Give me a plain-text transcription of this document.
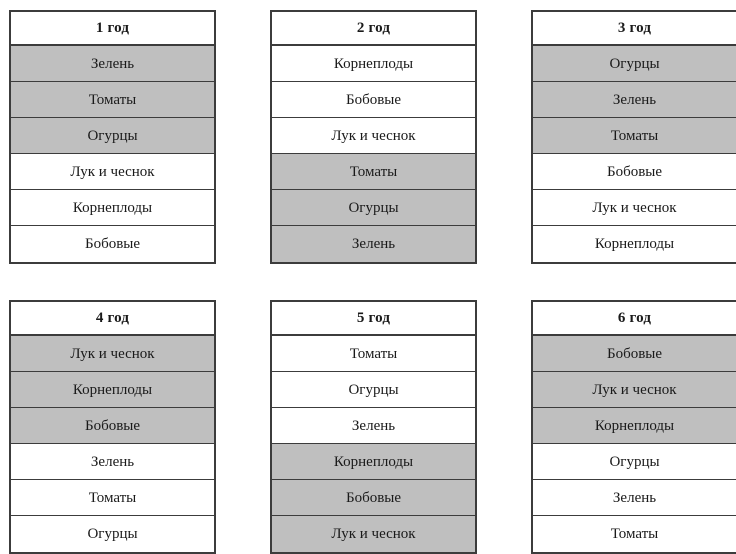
1 год
Зелень
Томаты
Огурцы
Лук и чеснок
Корнеплоды
Бобовые
2 год
Корнеплоды
Бобовые
Лук и чеснок
Томаты
Огурцы
Зелень
3 год
Огурцы
Зелень
Томаты
Бобовые
Лук и чеснок
Корнеплоды
4 год
Лук и чеснок
Корнеплоды
Бобовые
Зелень
Томаты
Огурцы
5 год
Томаты
Огурцы
Зелень
Корнеплоды
Бобовые
Лук и чеснок
6 год
Бобовые
Лук и чеснок
Корнеплоды
Огурцы
Зелень
Томаты
